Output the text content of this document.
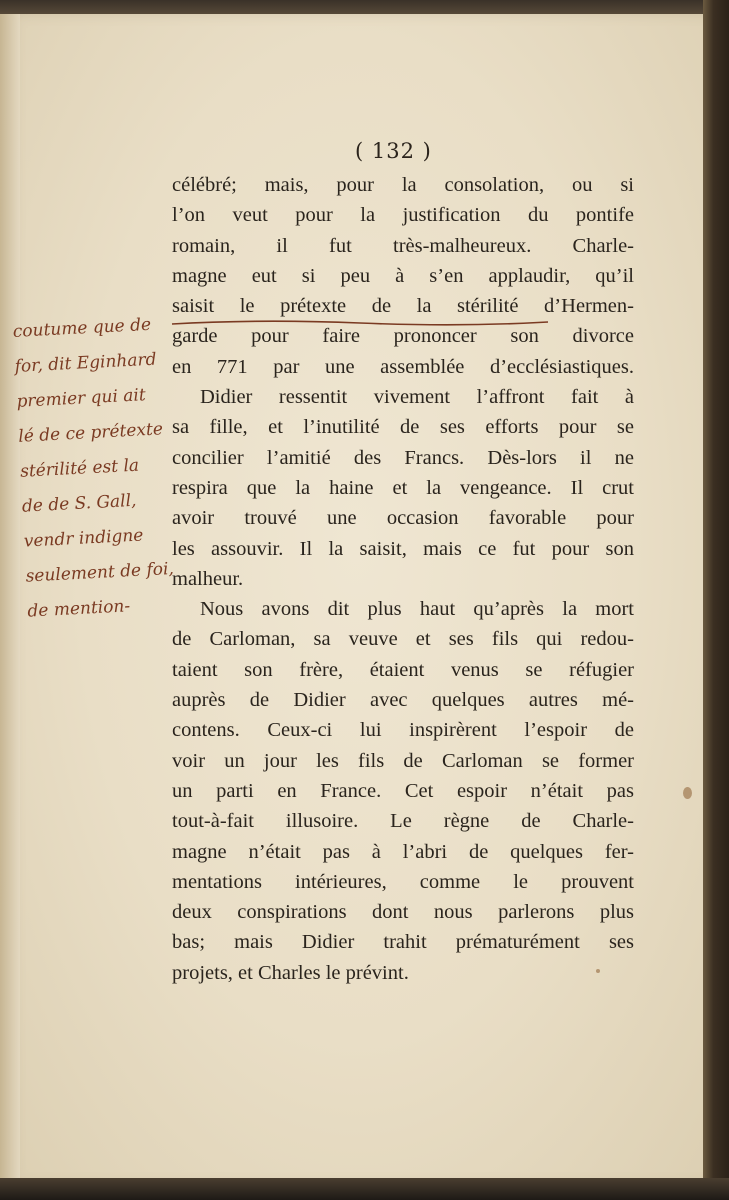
( 132 )
célébré; mais, pour la consolation, ou si
l’on veut pour la justification du pontife
romain, il fut très-malheureux. Charle-
magne eut si peu à s’en applaudir, qu’il
saisit le prétexte de la stérilité d’Hermen-
garde pour faire prononcer son divorce
en 771 par une assemblée d’ecclésiastiques.
Didier ressentit vivement l’affront fait à
sa fille, et l’inutilité de ses efforts pour se
concilier l’amitié des Francs. Dès-lors il ne
respira que la haine et la vengeance. Il crut
avoir trouvé une occasion favorable pour
les assouvir. Il la saisit, mais ce fut pour son
malheur.
Nous avons dit plus haut qu’après la mort
de Carloman, sa veuve et ses fils qui redou-
taient son frère, étaient venus se réfugier
auprès de Didier avec quelques autres mé-
contens. Ceux-ci lui inspirèrent l’espoir de
voir un jour les fils de Carloman se former
un parti en France. Cet espoir n’était pas
tout-à-fait illusoire. Le règne de Charle-
magne n’était pas à l’abri de quelques fer-
mentations intérieures, comme le prouvent
deux conspirations dont nous parlerons plus
bas; mais Didier trahit prématurément ses
projets, et Charles le prévint.
coutume que de
for, dit Eginhard
premier qui ait
lé de ce prétexte
stérilité est la
de de S. Gall,
vendr indigne
seulement de foi,
de mention-
